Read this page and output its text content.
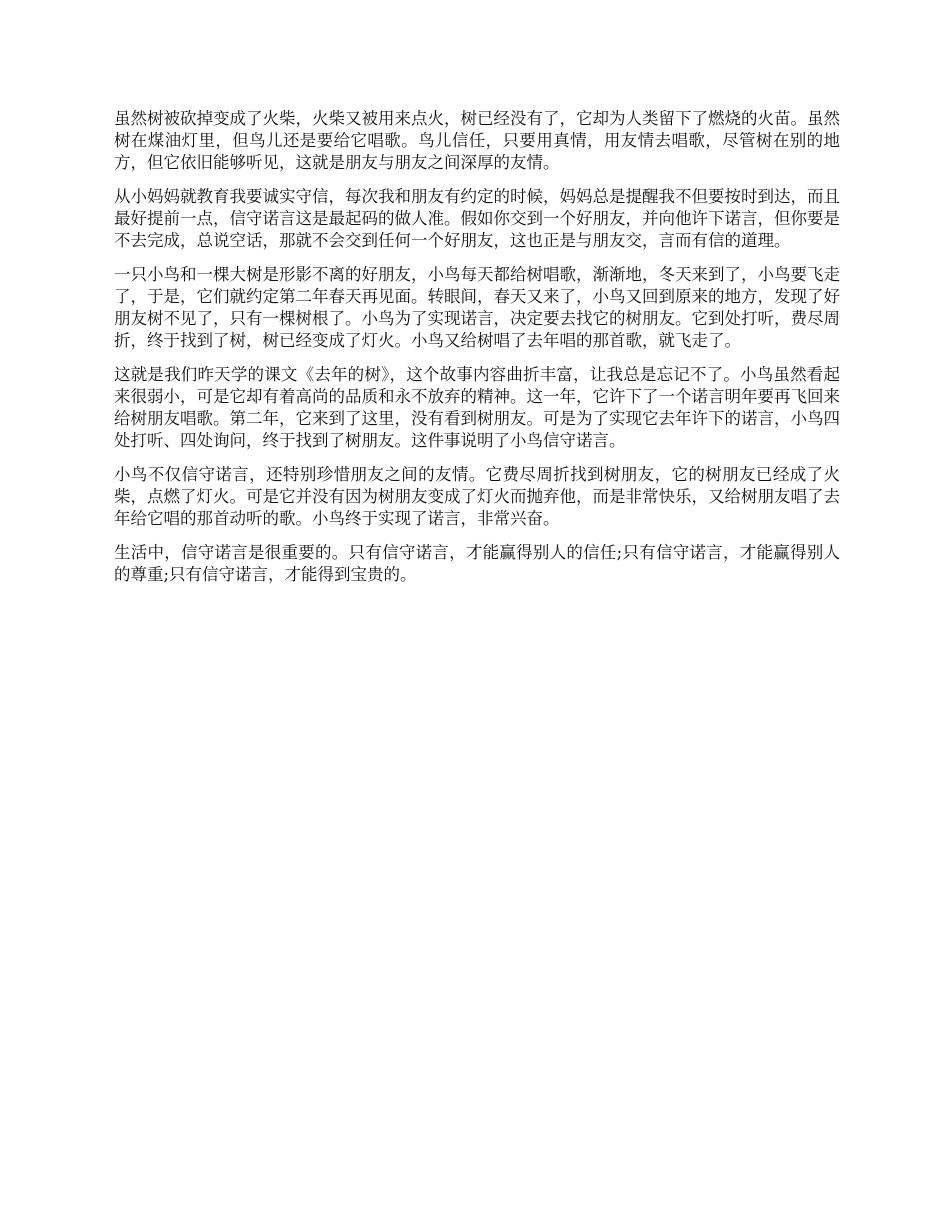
虽然树被砍掉变成了火柴，火柴又被用来点火，树已经没有了，它却为人类留下了燃烧的火苗。虽然树在煤油灯里，但鸟儿还是要给它唱歌。鸟儿信任，只要用真情，用友情去唱歌，尽管树在别的地方，但它依旧能够听见，这就是朋友与朋友之间深厚的友情。

从小妈妈就教育我要诚实守信，每次我和朋友有约定的时候，妈妈总是提醒我不但要按时到达，而且最好提前一点，信守诺言这是最起码的做人准。假如你交到一个好朋友，并向他许下诺言，但你要是不去完成，总说空话，那就不会交到任何一个好朋友，这也正是与朋友交，言而有信的道理。

一只小鸟和一棵大树是形影不离的好朋友，小鸟每天都给树唱歌，渐渐地，冬天来到了，小鸟要飞走了，于是，它们就约定第二年春天再见面。转眼间，春天又来了，小鸟又回到原来的地方，发现了好朋友树不见了，只有一棵树根了。小鸟为了实现诺言，决定要去找它的树朋友。它到处打听，费尽周折，终于找到了树，树已经变成了灯火。小鸟又给树唱了去年唱的那首歌，就飞走了。

这就是我们昨天学的课文《去年的树》，这个故事内容曲折丰富，让我总是忘记不了。小鸟虽然看起来很弱小，可是它却有着高尚的品质和永不放弃的精神。这一年，它许下了一个诺言明年要再飞回来给树朋友唱歌。第二年，它来到了这里，没有看到树朋友。可是为了实现它去年许下的诺言，小鸟四处打听、四处询问，终于找到了树朋友。这件事说明了小鸟信守诺言。

小鸟不仅信守诺言，还特别珍惜朋友之间的友情。它费尽周折找到树朋友，它的树朋友已经成了火柴，点燃了灯火。可是它并没有因为树朋友变成了灯火而抛弃他，而是非常快乐，又给树朋友唱了去年给它唱的那首动听的歌。小鸟终于实现了诺言，非常兴奋。

生活中，信守诺言是很重要的。只有信守诺言，才能赢得别人的信任;只有信守诺言，才能赢得别人的尊重;只有信守诺言，才能得到宝贵的。
